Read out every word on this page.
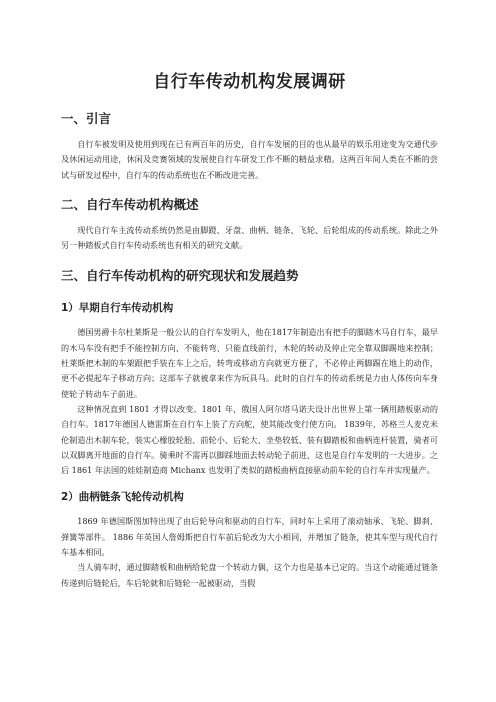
自行车传动机构发展调研
一、引言

自行车被发明及使用到现在已有两百年的历史，自行车发展的目的也从最早的娱乐用途变为交通代步及休闲运动用途，休闲及竞赛领域的发展使自行车研发工作不断的精益求精。这两百年间人类在不断的尝试与研发过程中，自行车的传动系统也在不断改进完善。

二、自行车传动机构概述

现代自行车主流传动系统仍然是由脚蹬、牙盘、曲柄、链条、飞轮、后轮组成的传动系统。除此之外另一种踏板式自行车传动系统也有相关的研究文献。

三、自行车传动机构的研究现状和发展趋势
1）早期自行车传动机构

德国男爵卡尔杜莱斯是一般公认的自行车发明人，他在1817年制造出有把手的脚踏木马自行车，最早的木马车没有把手不能控制方向、不能转弯、只能直线前行，木轮的转动及停止完全靠双脚踢地来控制；杜莱斯把木制的车架跟把手装在车上之后，转弯或移动方向就更方便了，不必停止两脚踢在地上的动作，更不必提起车子移动方向；这部车子就被拿来作为玩具马。此时的自行车的传动系统是力由人体传向车身使轮子转动车子前进。

这种情况直到 1801 才得以改变。1801 年，俄国人阿尔塔马诺夫设计出世界上第一辆用踏板驱动的自行车。1817年德国人德雷斯在自行车上装了方向舵，使其能改变行使方向。 1839年，苏格兰人麦克米伦制造出木制车轮，装实心橡胶轮胎、前轮小、后轮大、坐垫较低、装有脚踏板和曲柄连杆装置，骑者可以双脚离开地面的自行车。骑乘时不需再以脚踩地面去转动轮子前进，这也是自行车发明的一大进步。之后 1861 年法国的娃娃制造商 Michanx 也发明了类似的踏板曲柄直接驱动前车轮的自行车并实现量产。

2）曲柄链条飞轮传动机构

1869 年德国斯图加特出现了由后轮导向和驱动的自行车，同时车上采用了滚动轴承、飞轮、脚刹、弹簧等部件。 1886 年英国人詹姆斯把自行车前后轮改为大小相同，并增加了链条，使其车型与现代自行车基本相同。

当人骑车时，通过脚踏板和曲柄给轮盘一个转动力偶，这个力也是基本已定的。当这个动能通过链条传递到后链轮后，车后轮就和后链轮一起被驱动，当假
